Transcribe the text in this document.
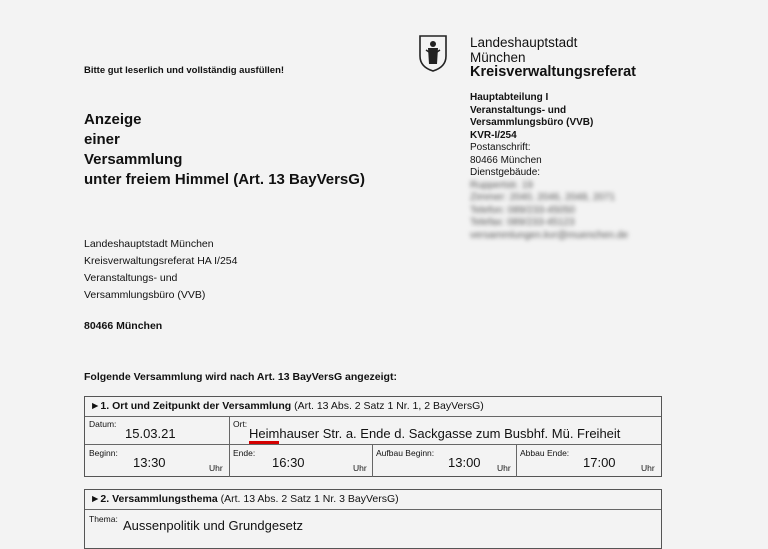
Bitte gut leserlich und vollständig ausfüllen!
Anzeige
einer
Versammlung
unter freiem Himmel (Art. 13 BayVersG)
Landeshauptstadt
München
Kreisverwaltungsreferat
Hauptabteilung I
Veranstaltungs- und
Versammlungsbüro (VVB)
KVR-I/254
Postanschrift:
80466 München
Dienstgebäude:
Ruppertstr. 19
Zimmer: 2040, 2046, 2048, 2071
Telefon: 089/233-45050
Telefax: 089/233-45123
versammlungen.kvr@muenchen.de
Landeshauptstadt München
Kreisverwaltungsreferat HA I/254
Veranstaltungs- und
Versammlungsbüro (VVB)
80466 München
Folgende Versammlung wird nach Art. 13 BayVersG angezeigt:
►1. Ort und Zeitpunkt der Versammlung (Art. 13 Abs. 2 Satz 1 Nr. 1, 2 BayVersG)
Datum:
15.03.21
Ort:
Heimhauser Str. a. Ende d. Sackgasse zum Busbhf. Mü. Freiheit
Beginn:
13:30	Uhr
Ende:
16:30	Uhr
Aufbau Beginn:
13:00 Uhr
Abbau Ende:
17:00	Uhr
►2. Versammlungsthema (Art. 13 Abs. 2 Satz 1 Nr. 3 BayVersG)
Thema: Aussenpolitik und Grundgesetz
